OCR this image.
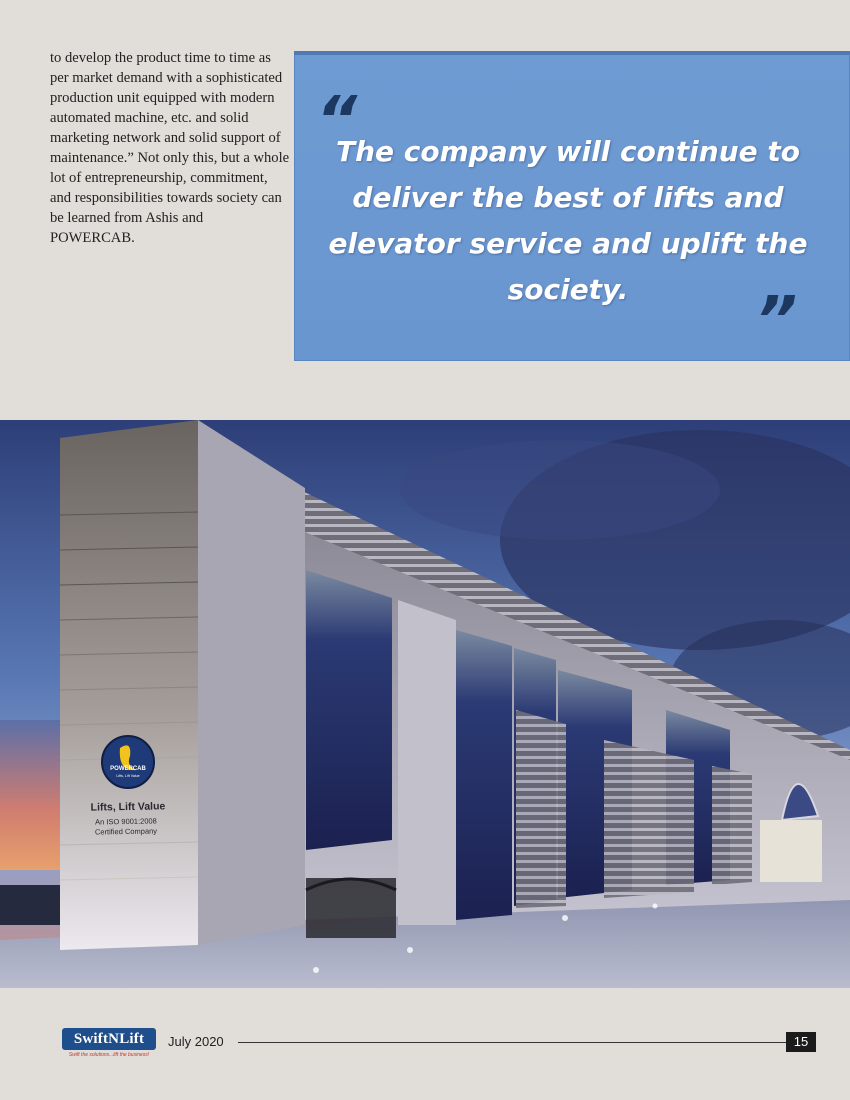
to develop the product time to time as per market demand with a sophisticated production unit equipped with modern automated machine, etc. and solid marketing network and solid support of maintenance.” Not only this, but a whole lot of entrepreneurship, commitment, and responsibilities towards society can be learned from Ashis and POWERCAB.

“
The company will continue to deliver the best of lifts and elevator service and uplift the society.	”
POWERCAB
Lifts, Lift Value
Lifts, Lift Value
An ISO 9001:2008
Certified Company
SwiftNLift
Swift the solutions...lift the business!
July 2020	15
